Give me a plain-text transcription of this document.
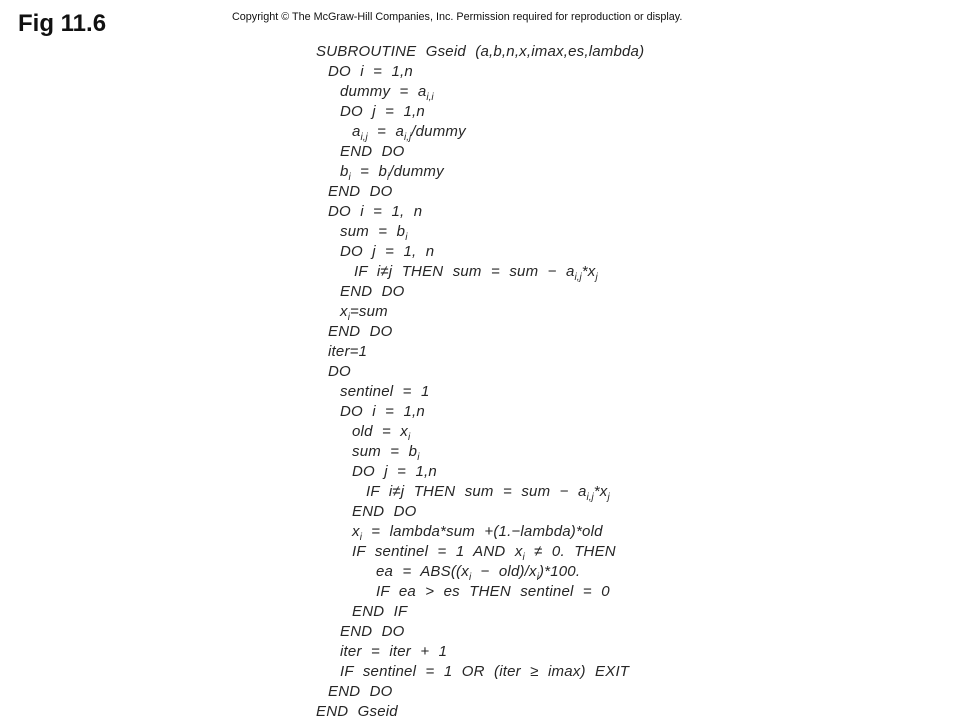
Fig 11.6	Copyright © The McGraw-Hill Companies, Inc. Permission required for reproduction or display.
SUBROUTINE Gseid (a,b,n,x,imax,es,lambda)
DO i = 1,n
dummy = $a_{i,i}$
DO j = 1,n
$a_{i,j}$ = $a_{i,j}$/dummy
END DO
$b_i$ = $b_i$/dummy
END DO
DO i = 1, n
sum = $b_i$
DO j = 1, n
IF i≠j THEN sum = sum − $a_{i,j}*x_j$
END DO
$x_i=sum$
END DO
iter=1
DO
sentinel = 1
DO i = 1,n
old = $x_i$
sum = $b_i$
DO j = 1,n
IF i≠j THEN sum = sum − $a_{i,j}*x_j$
END DO
$x_i$ = lambda*sum +(1.−lambda)*old
IF sentinel = 1 AND $x_i \ne 0$. THEN
ea = $ABS((x_i - old)/x_i)*100$.
IF ea > es THEN sentinel = 0
END IF
END DO
iter = iter + 1
IF sentinel = 1 OR (iter ≥ imax) EXIT
END DO
END Gseid
